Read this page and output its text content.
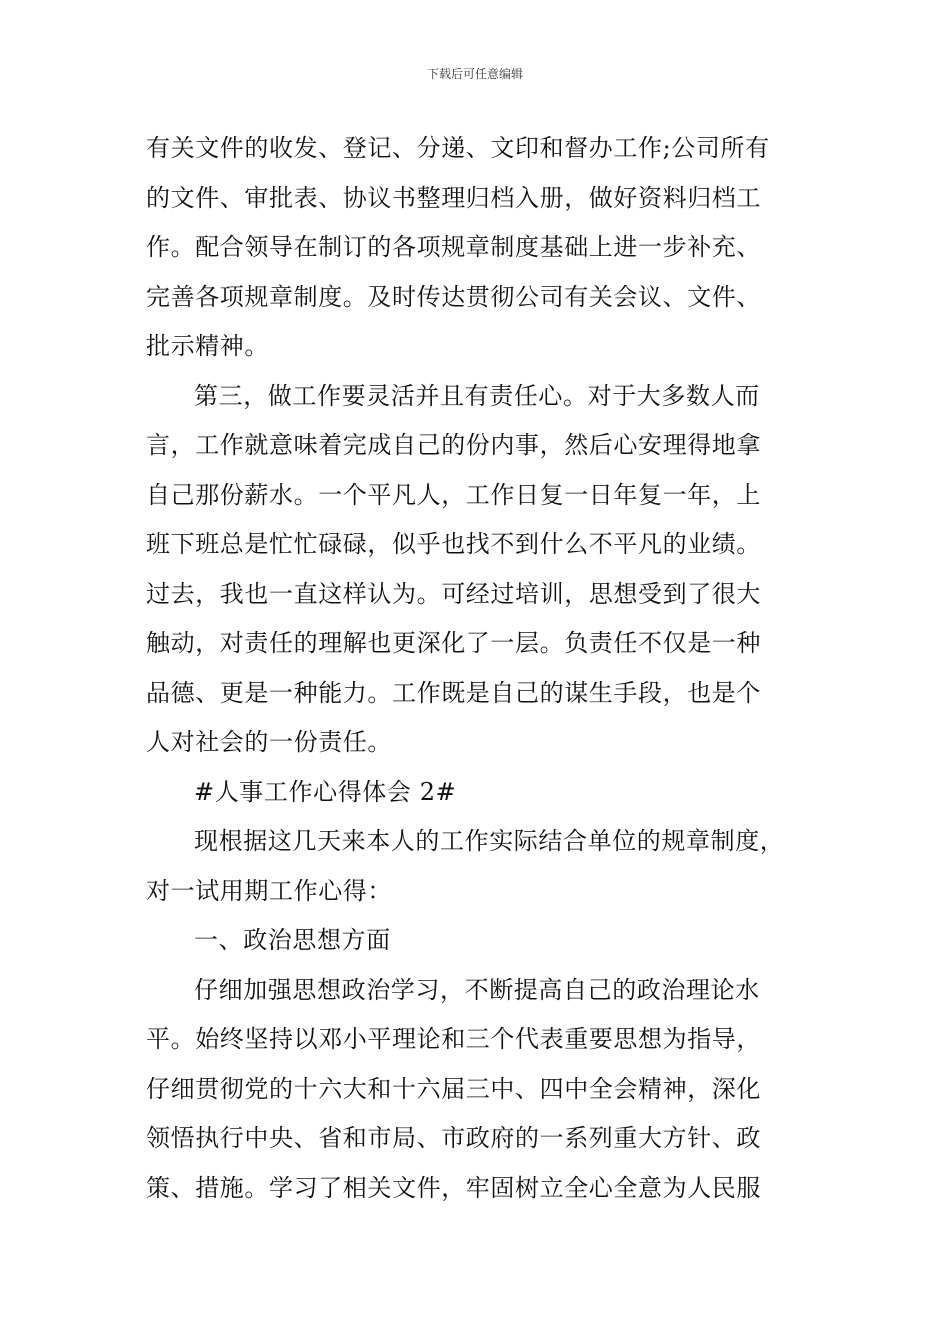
下载后可任意编辑
有关文件的收发、登记、分递、文印和督办工作;公司所有
的文件、审批表、协议书整理归档入册，做好资料归档工
作。配合领导在制订的各项规章制度基础上进一步补充、
完善各项规章制度。及时传达贯彻公司有关会议、文件、
批示精神。
第三，做工作要灵活并且有责任心。对于大多数人而
言，工作就意味着完成自己的份内事，然后心安理得地拿
自己那份薪水。一个平凡人，工作日复一日年复一年，上
班下班总是忙忙碌碌，似乎也找不到什么不平凡的业绩。
过去，我也一直这样认为。可经过培训，思想受到了很大
触动，对责任的理解也更深化了一层。负责任不仅是一种
品德、更是一种能力。工作既是自己的谋生手段，也是个
人对社会的一份责任。
#人事工作心得体会 2#
现根据这几天来本人的工作实际结合单位的规章制度，
对一试用期工作心得：
一、政治思想方面
仔细加强思想政治学习，不断提高自己的政治理论水
平。始终坚持以邓小平理论和三个代表重要思想为指导，
仔细贯彻党的十六大和十六届三中、四中全会精神，深化
领悟执行中央、省和市局、市政府的一系列重大方针、政
策、措施。学习了相关文件，牢固树立全心全意为人民服
